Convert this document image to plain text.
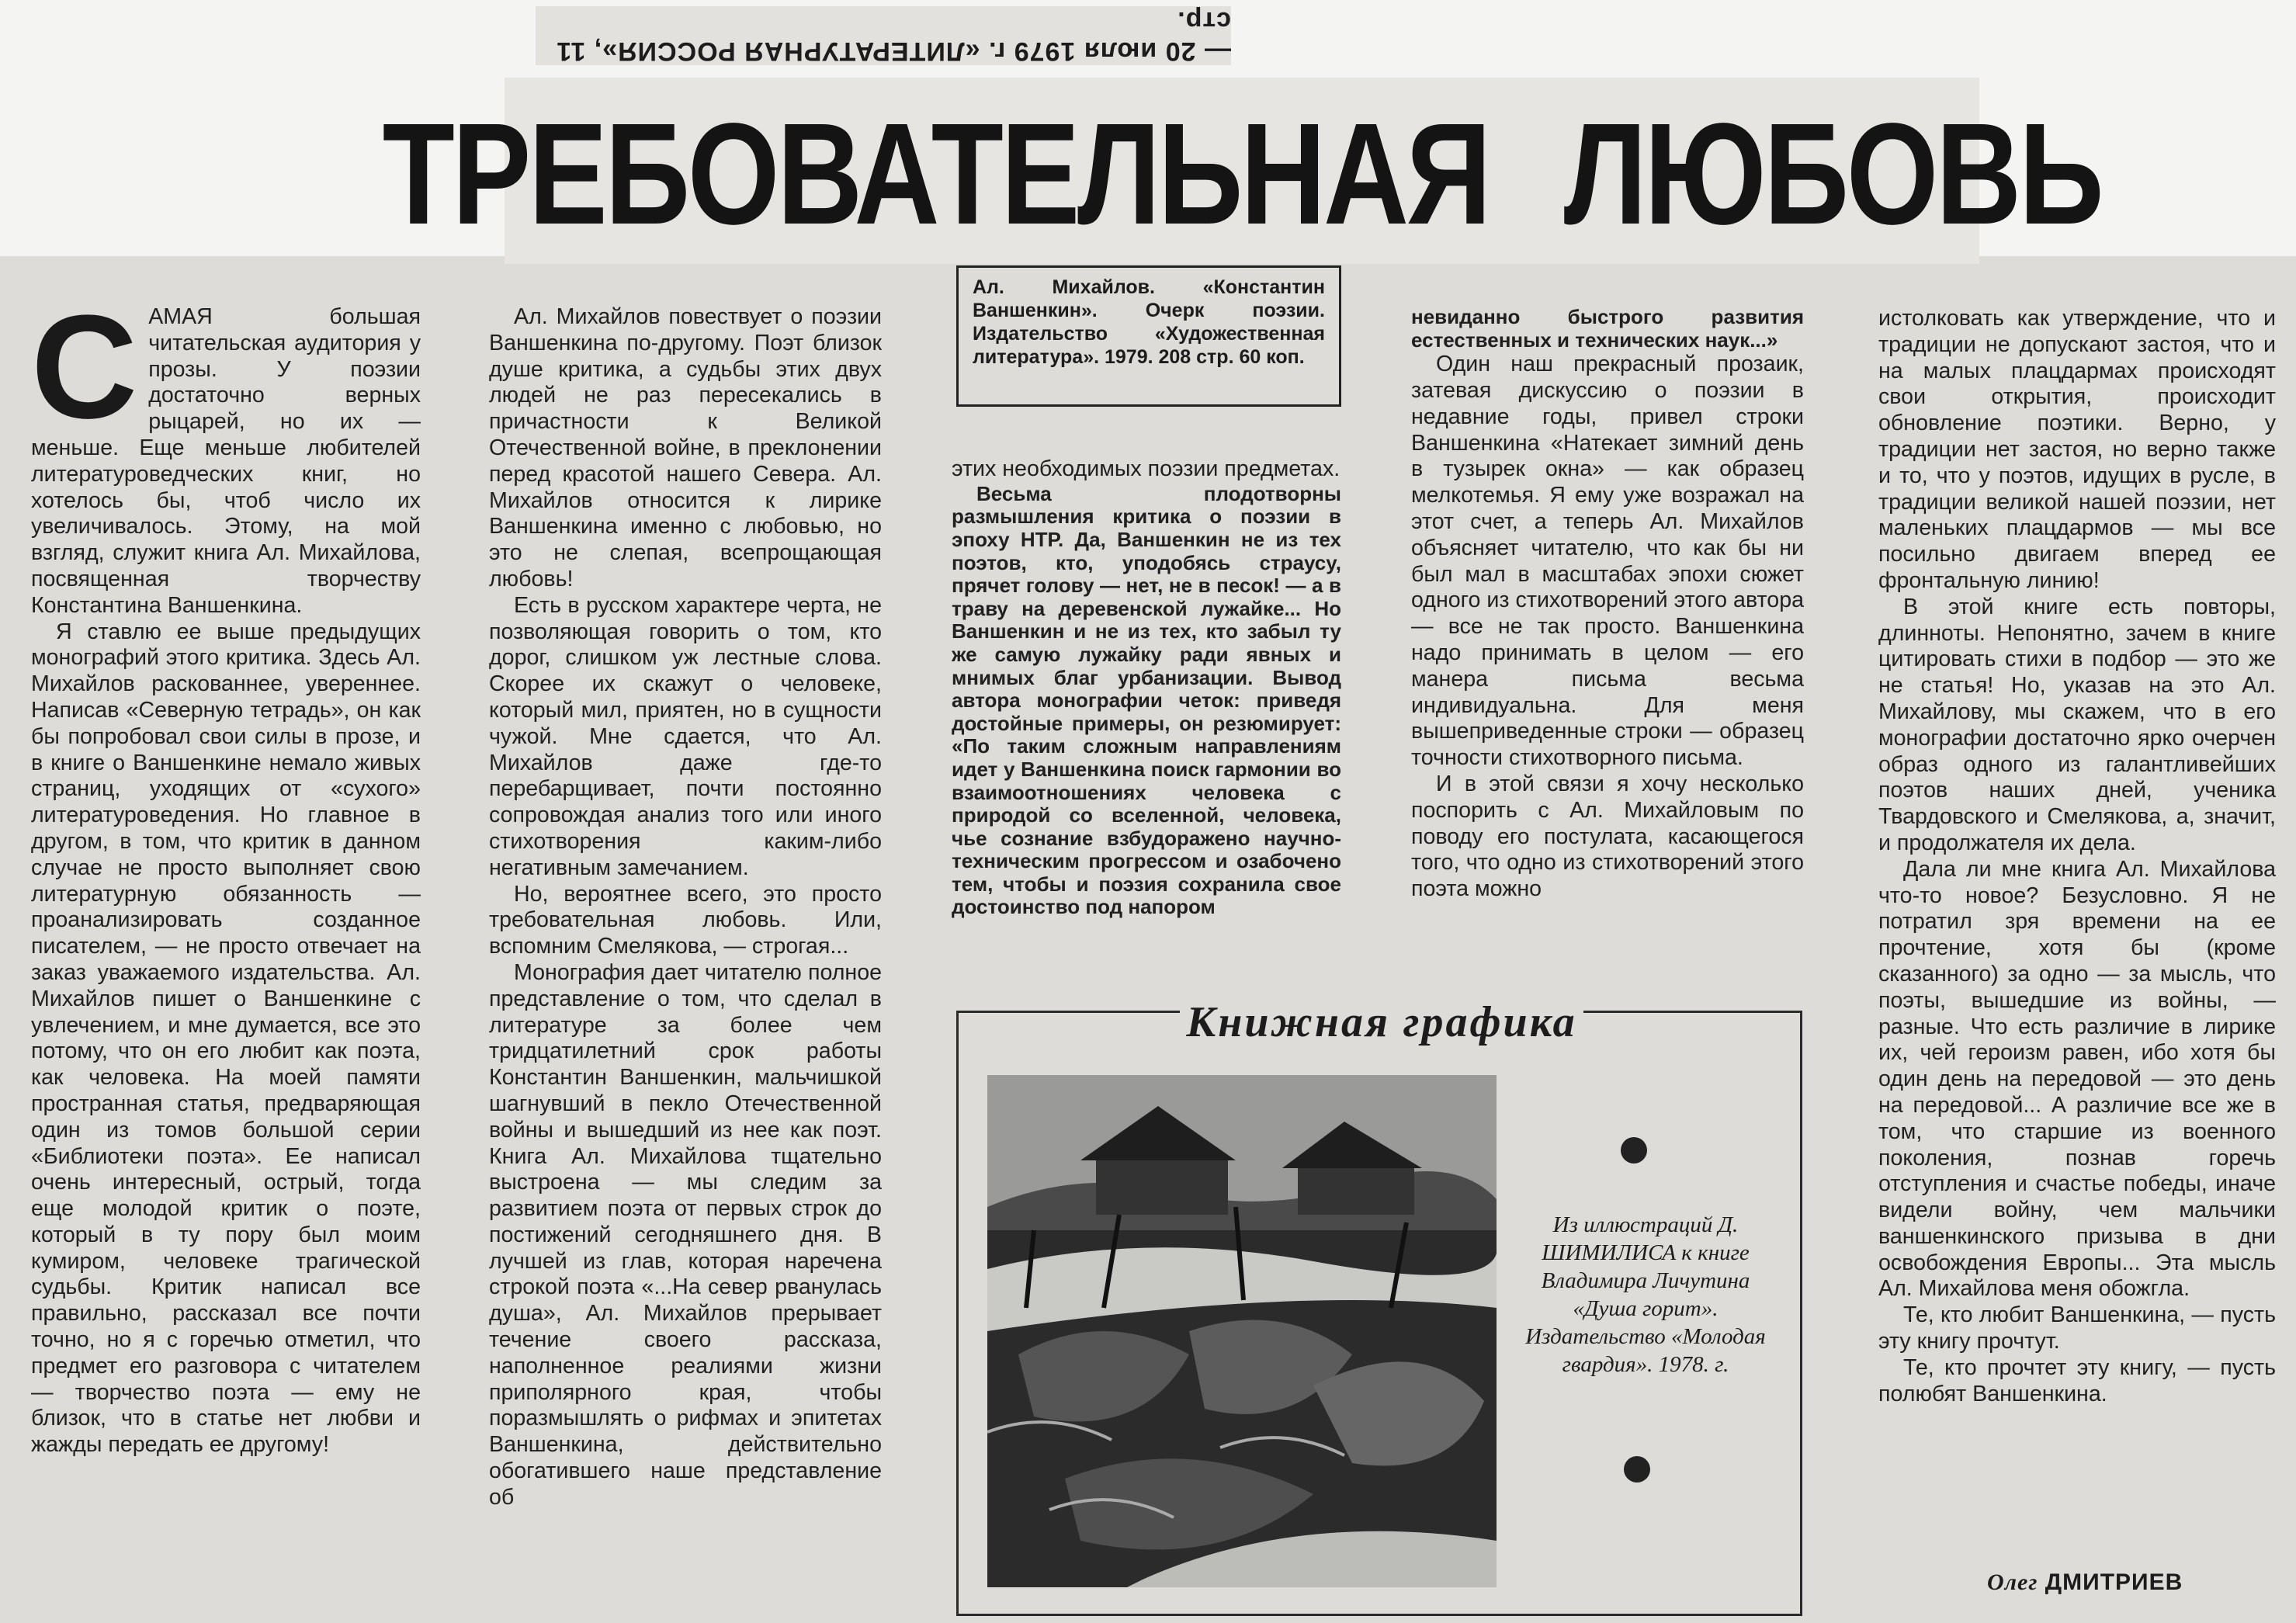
— 20 июля 1979 г. «ЛИТЕРАТУРНАЯ РОССИЯ», 11 стр.
ТРЕБОВАТЕЛЬНАЯ ЛЮБОВЬ
С АМАЯ большая читательская аудитория у прозы. У поэзии достаточно верных рыцарей, но их — меньше. Еще меньше любителей литературоведческих книг, но хотелось бы, чтоб число их увеличивалось. Этому, на мой взгляд, служит книга Ал. Михайлова, посвященная творчеству Константина Ваншенкина.

Я ставлю ее выше предыдущих монографий этого критика. Здесь Ал. Михайлов раскованнее, увереннее. Написав «Северную тетрадь», он как бы попробовал свои силы в прозе, и в книге о Ваншенкине немало живых страниц, уходящих от «сухого» литературоведения. Но главное в другом, в том, что критик в данном случае не просто выполняет свою литературную обязанность — проанализировать созданное писателем, — не просто отвечает на заказ уважаемого издательства. Ал. Михайлов пишет о Ваншенкине с увлечением, и мне думается, все это потому, что он его любит как поэта, как человека. На моей памяти пространная статья, предваряющая один из томов большой серии «Библиотеки поэта». Ее написал очень интересный, острый, тогда еще молодой критик о поэте, который в ту пору был моим кумиром, человеке трагической судьбы. Критик написал все правильно, рассказал все почти точно, но я с горечью отметил, что предмет его разговора с читателем — творчество поэта — ему не близок, что в статье нет любви и жажды передать ее другому!

Ал. Михайлов повествует о поэзии Ваншенкина по-другому. Поэт близок душе критика, а судьбы этих двух людей не раз пересекались в причастности к Великой Отечественной войне, в преклонении перед красотой нашего Севера. Ал. Михайлов относится к лирике Ваншенкина именно с любовью, но это не слепая, всепрощающая любовь!

Есть в русском характере черта, не позволяющая говорить о том, кто дорог, слишком уж лестные слова. Скорее их скажут о человеке, который мил, приятен, но в сущности чужой. Мне сдается, что Ал. Михайлов даже где-то перебарщивает, почти постоянно сопровождая анализ того или иного стихотворения каким-либо негативным замечанием.

Но, вероятнее всего, это просто требовательная любовь. Или, вспомним Смелякова, — строгая...

Монография дает читателю полное представление о том, что сделал в литературе за более чем тридцатилетний срок работы Константин Ваншенкин, мальчишкой шагнувший в пекло Отечественной войны и вышедший из нее как поэт. Книга Ал. Михайлова тщательно выстроена — мы следим за развитием поэта от первых строк до постижений сегодняшнего дня. В лучшей из глав, которая наречена строкой поэта «...На север рванулась душа», Ал. Михайлов прерывает течение своего рассказа, наполненное реалиями жизни приполярного края, чтобы поразмышлять о рифмах и эпитетах Ваншенкина, действительно обогатившего наше представление об

Ал. Михайлов. «Константин Ваншенкин». Очерк поэзии. Издательство «Художественная литература». 1979. 208 стр. 60 коп.

этих необходимых поэзии предметах.

Весьма плодотворны размышления критика о поэзии в эпоху НТР. Да, Ваншенкин не из тех поэтов, кто, уподобясь страусу, прячет голову — нет, не в песок! — а в траву на деревенской лужайке... Но Ваншенкин и не из тех, кто забыл ту же самую лужайку ради явных и мнимых благ урбанизации. Вывод автора монографии четок: приведя достойные примеры, он резюмирует: «По таким сложным направлениям идет у Ваншенкина поиск гармонии во взаимоотношениях человека с природой со вселенной, человека, чье сознание взбудоражено научно-техническим прогрессом и озабочено тем, чтобы и поэзия сохранила свое достоинство под напором

невиданно быстрого развития естественных и технических наук...»

Один наш прекрасный прозаик, затевая дискуссию о поэзии в недавние годы, привел строки Ваншенкина «Натекает зимний день в тузырек окна» — как образец мелкотемья. Я ему уже возражал на этот счет, а теперь Ал. Михайлов объясняет читателю, что как бы ни был мал в масштабах эпохи сюжет одного из стихотворений этого автора — все не так просто. Ваншенкина надо принимать в целом — его манера письма весьма индивидуальна. Для меня вышеприведенные строки — образец точности стихотворного письма.

И в этой связи я хочу несколько поспорить с Ал. Михайловым по поводу его постулата, касающегося того, что одно из стихотворений этого поэта можно

истолковать как утверждение, что и традиции не допускают застоя, что и на малых плацдармах происходят свои открытия, происходит обновление поэтики. Верно, у традиции нет застоя, но верно также и то, что у поэтов, идущих в русле, в традиции великой нашей поэзии, нет маленьких плацдармов — мы все посильно двигаем вперед ее фронтальную линию!

В этой книге есть повторы, длинноты. Непонятно, зачем в книге цитировать стихи в подбор — это же не статья! Но, указав на это Ал. Михайлову, мы скажем, что в его монографии достаточно ярко очерчен образ одного из галантливейших поэтов наших дней, ученика Твардовского и Смелякова, а, значит, и продолжателя их дела.

Дала ли мне книга Ал. Михайлова что-то новое? Безусловно. Я не потратил зря времени на ее прочтение, хотя бы (кроме сказанного) за одно — за мысль, что поэты, вышедшие из войны, — разные. Что есть различие в лирике их, чей героизм равен, ибо хотя бы один день на передовой — это день на передовой... А различие все же в том, что старшие из военного поколения, познав горечь отступления и счастье победы, иначе видели войну, чем мальчики ваншенкинского призыва в дни освобождения Европы... Эта мысль Ал. Михайлова меня обожгла.

Те, кто любит Ваншенкина, — пусть эту книгу прочтут.

Те, кто прочтет эту книгу, — пусть полюбят Ваншенкина.

Книжная графика
Из иллюстраций Д. ШИМИЛИСА к книге Владимира Личутина «Душа горит». Издательство «Молодая гвардия». 1978. г.
Олег ДМИТРИЕВ
